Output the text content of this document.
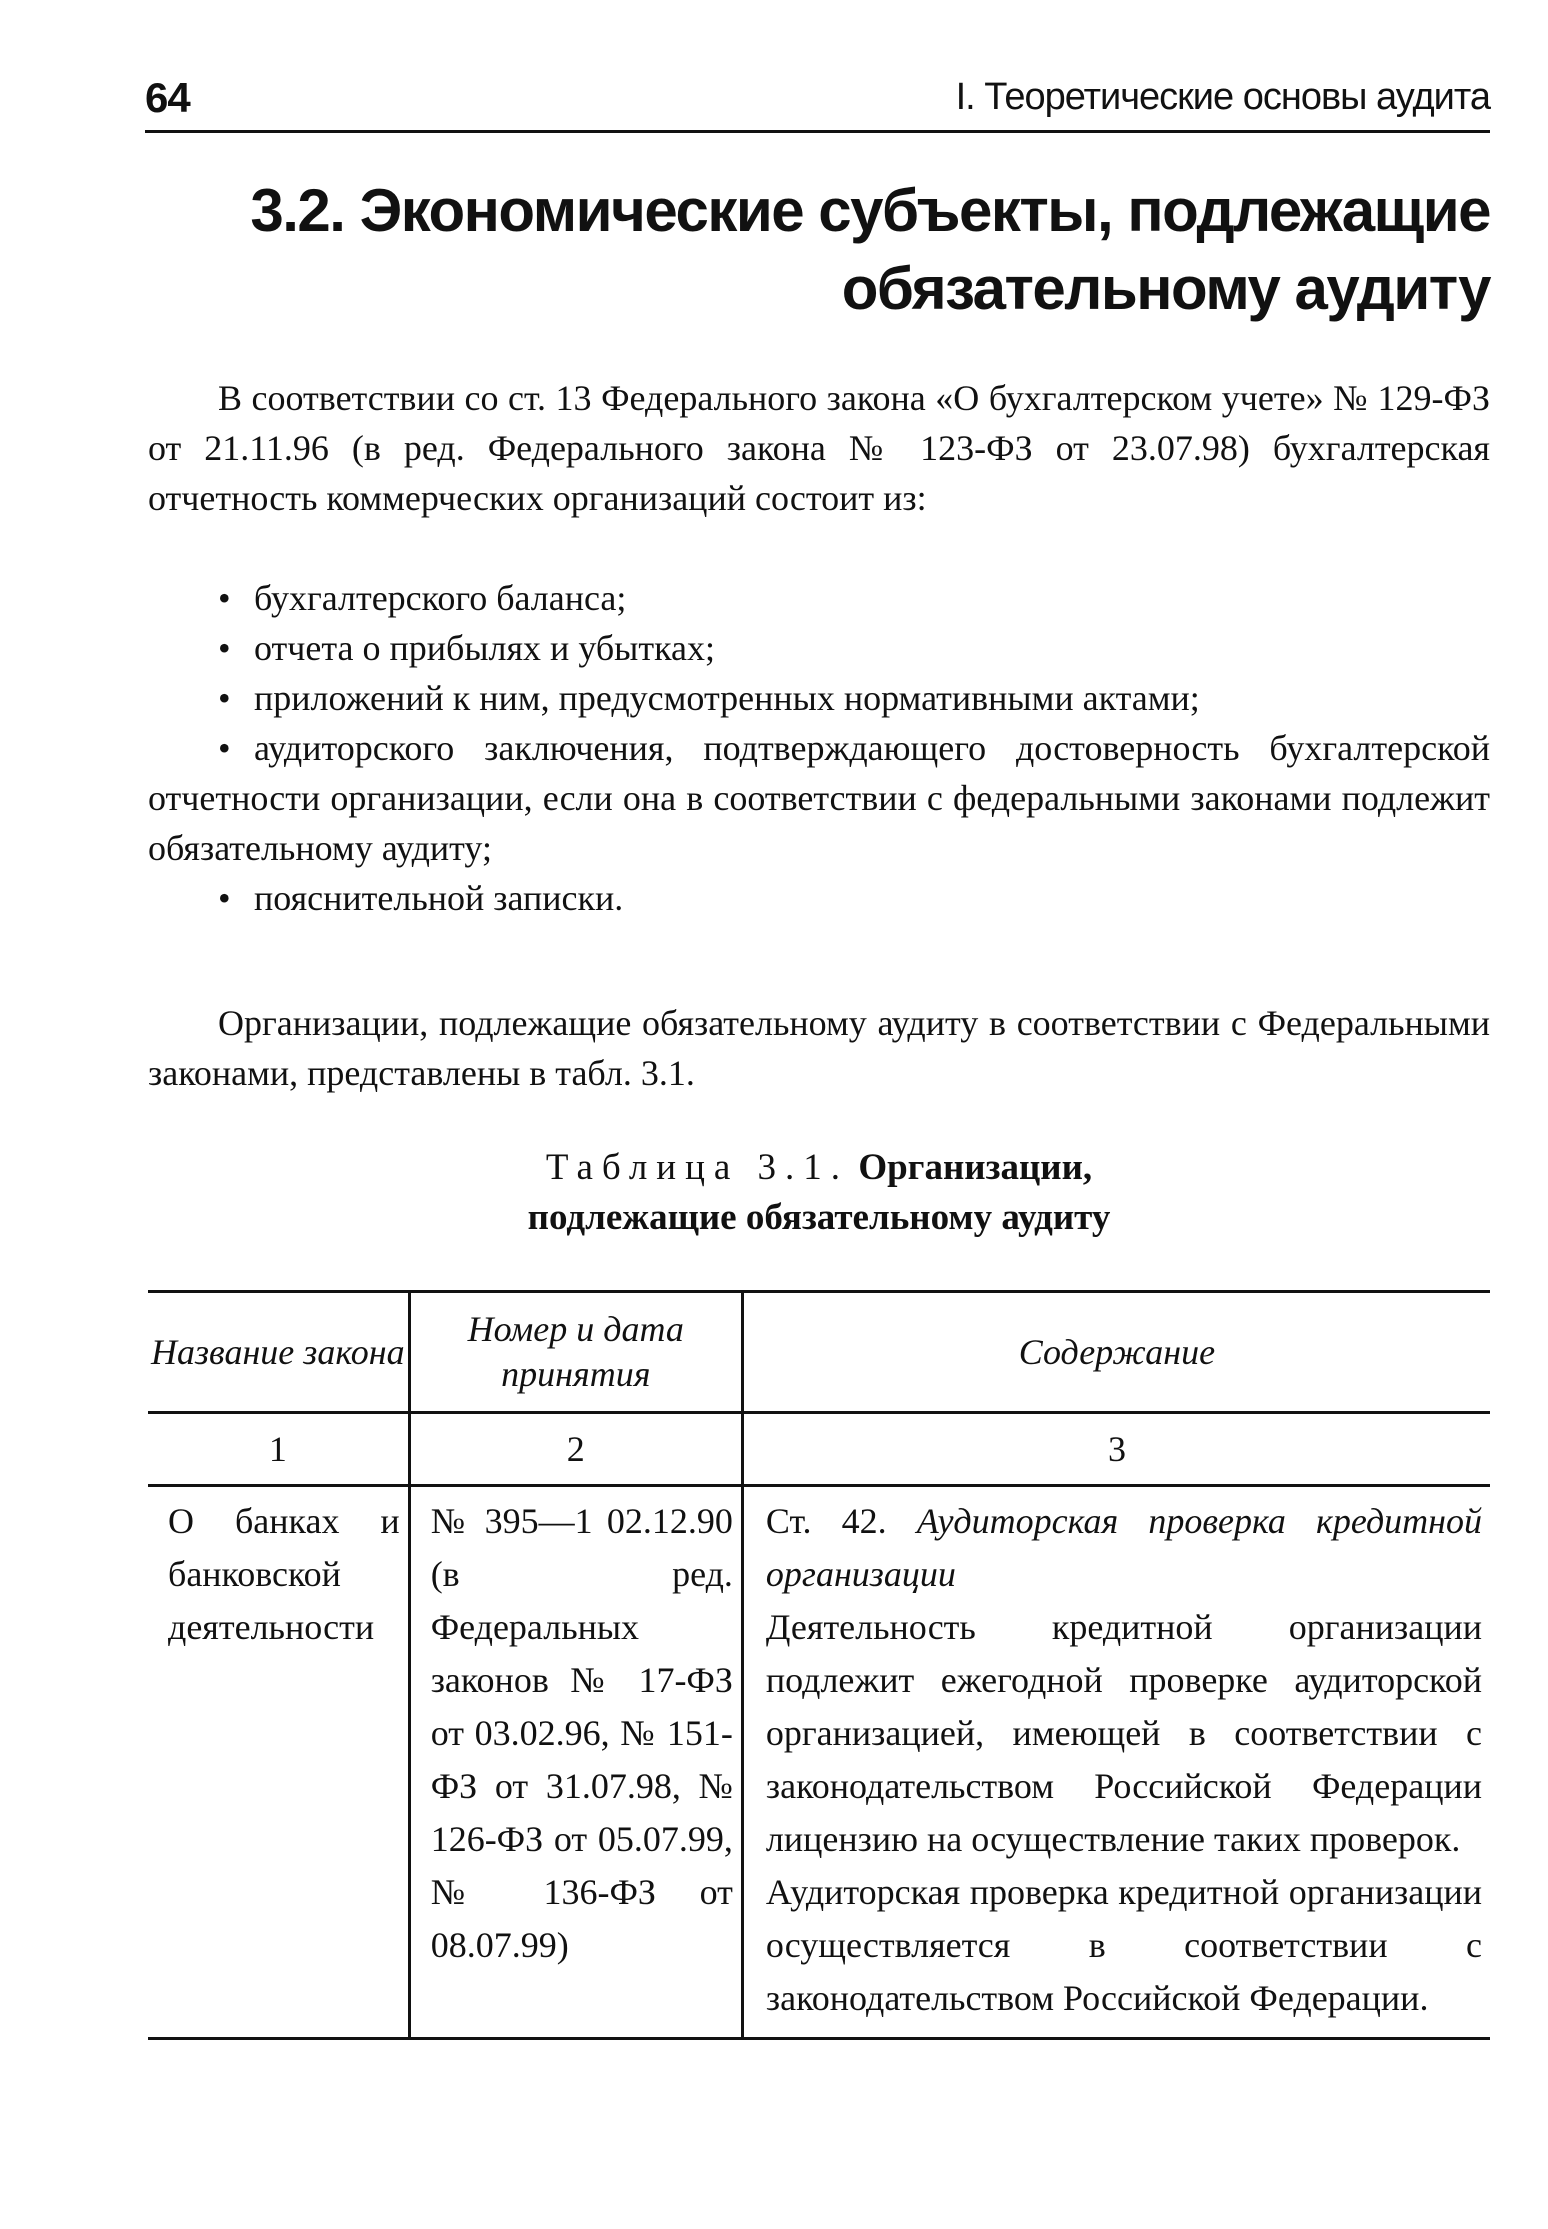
64	I. Теоретические основы аудита
3.2. Экономические субъекты, подлежащие обязательному аудиту

В соответствии со ст. 13 Федерального закона «О бухгалтерском учете» № 129-ФЗ от 21.11.96 (в ред. Федерального закона № 123-ФЗ от 23.07.98) бухгалтерская отчетность коммерческих организаций состоит из:

• бухгалтерского баланса;
• отчета о прибылях и убытках;
• приложений к ним, предусмотренных нормативными актами;
• аудиторского заключения, подтверждающего достоверность бухгалтерской отчетности организации, если она в соответствии с федеральными законами подлежит обязательному аудиту;
• пояснительной записки.

Организации, подлежащие обязательному аудиту в соответствии с Федеральными законами, представлены в табл. 3.1.

Таблица 3.1. Организации,
подлежащие обязательному аудиту
Название закона	Номер и дата принятия	Содержание
1	2	3
О банках и банковской деятельности	№ 395—1 02.12.90 (в ред. Федеральных законов № 17-ФЗ от 03.02.96, № 151-ФЗ от 31.07.98, № 126-ФЗ от 05.07.99, № 136-ФЗ от 08.07.99)	Ст. 42. Аудиторская проверка кредитной организации
Деятельность кредитной организации подлежит ежегодной проверке аудиторской организацией, имеющей в соответствии с законодательством Российской Федерации лицензию на осуществление таких проверок.
Аудиторская проверка кредитной организации осуществляется в соответствии с законодательством Российской Федерации.
